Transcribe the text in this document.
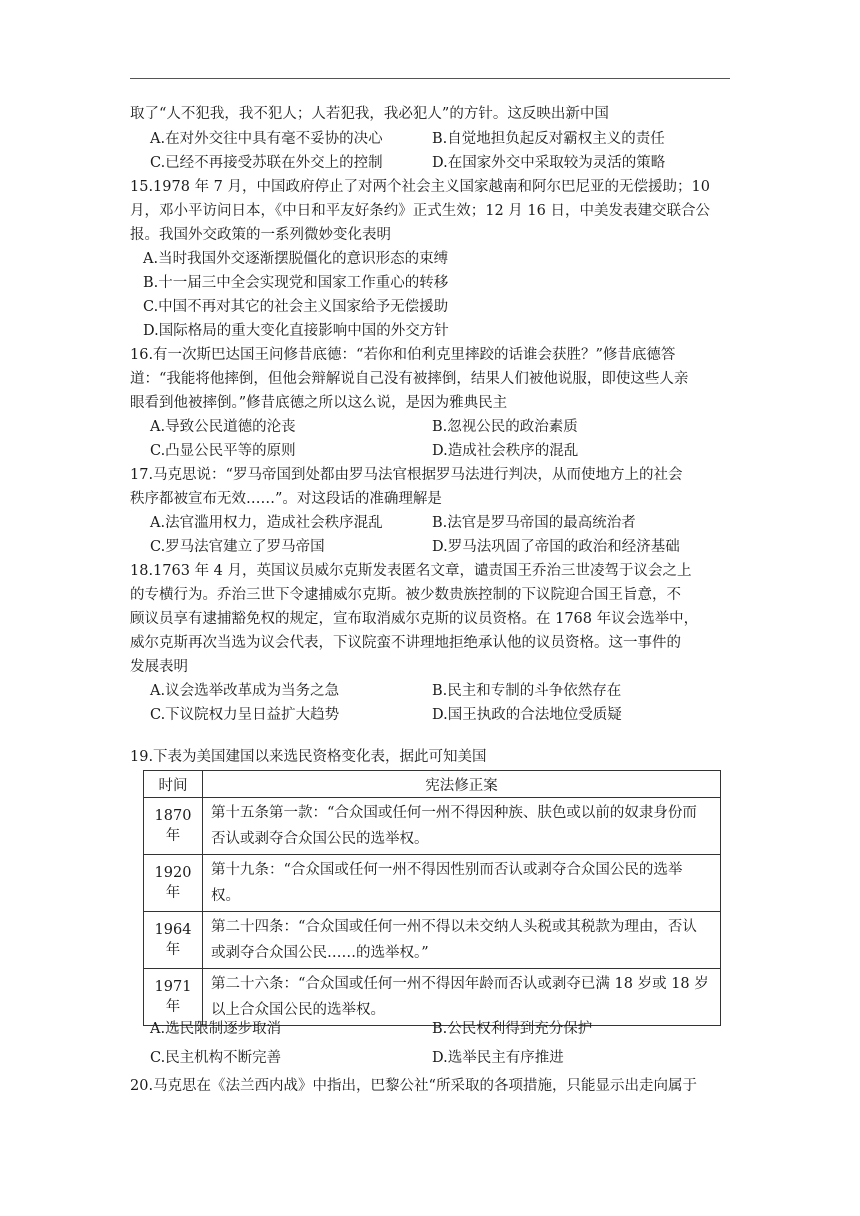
取了“人不犯我，我不犯人；人若犯我，我必犯人”的方针。这反映出新中国
A.在对外交往中具有毫不妥协的决心	B.自觉地担负起反对霸权主义的责任
C.已经不再接受苏联在外交上的控制	D.在国家外交中采取较为灵活的策略
15.1978 年 7 月，中国政府停止了对两个社会主义国家越南和阿尔巴尼亚的无偿援助；10
月，邓小平访问日本，《中日和平友好条约》正式生效；12 月 16 日，中美发表建交联合公
报。我国外交政策的一系列微妙变化表明
A.当时我国外交逐渐摆脱僵化的意识形态的束缚
B.十一届三中全会实现党和国家工作重心的转移
C.中国不再对其它的社会主义国家给予无偿援助
D.国际格局的重大变化直接影响中国的外交方针
16.有一次斯巴达国王问修昔底德：“若你和伯利克里摔跤的话谁会获胜？”修昔底德答
道：“我能将他摔倒，但他会辩解说自己没有被摔倒，结果人们被他说服，即使这些人亲
眼看到他被摔倒。”修昔底德之所以这么说，是因为雅典民主
A.导致公民道德的沦丧	B.忽视公民的政治素质
C.凸显公民平等的原则	D.造成社会秩序的混乱
17.马克思说：“罗马帝国到处都由罗马法官根据罗马法进行判决，从而使地方上的社会
秩序都被宣布无效……”。对这段话的准确理解是
A.法官滥用权力，造成社会秩序混乱	B.法官是罗马帝国的最高统治者
C.罗马法官建立了罗马帝国	D.罗马法巩固了帝国的政治和经济基础
18.1763 年 4 月，英国议员威尔克斯发表匿名文章，谴责国王乔治三世凌驾于议会之上
的专横行为。乔治三世下令逮捕威尔克斯。被少数贵族控制的下议院迎合国王旨意，不
顾议员享有逮捕豁免权的规定，宣布取消威尔克斯的议员资格。在 1768 年议会选举中，
威尔克斯再次当选为议会代表，下议院蛮不讲理地拒绝承认他的议员资格。这一事件的
发展表明
A.议会选举改革成为当务之急	B.民主和专制的斗争依然存在
C.下议院权力呈日益扩大趋势	D.国王执政的合法地位受质疑
19.下表为美国建国以来选民资格变化表，据此可知美国
时间	宪法修正案
1870 年	第十五条第一款：“合众国或任何一州不得因种族、肤色或以前的奴隶身份而
否认或剥夺合众国公民的选举权。

1920 年	第十九条：“合众国或任何一州不得因性别而否认或剥夺合众国公民的选举
权。

1964 年	第二十四条：“合众国或任何一州不得以未交纳人头税或其税款为理由，否认
或剥夺合众国公民……的选举权。”

1971 年	第二十六条：“合众国或任何一州不得因年龄而否认或剥夺已满 18 岁或 18 岁
以上合众国公民的选举权。
A.选民限制逐步取消	B.公民权利得到充分保护
C.民主机构不断完善	D.选举民主有序推进
20.马克思在《法兰西内战》中指出，巴黎公社“所采取的各项措施，只能显示出走向属于
